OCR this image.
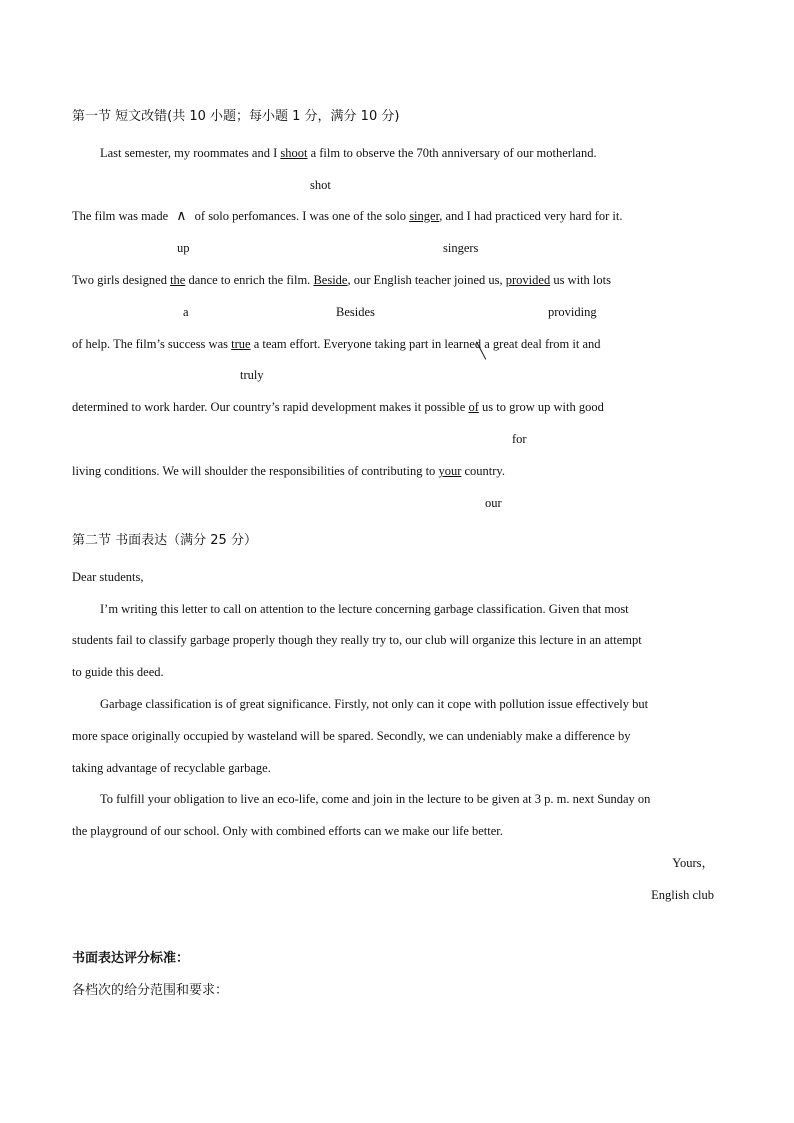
第一节 短文改错(共 10 小题；每小题 1 分，满分 10 分)
Last semester, my roommates and I shoot a film to observe the 70th anniversary of our motherland.
shot
The film was made ∧ of solo perfomances. I was one of the solo singer, and I had practiced very hard for it.
up	singers
Two girls designed the dance to enrich the film. Beside, our English teacher joined us, provided us with lots
a	Besides	providing
of help. The film’s success was true a team effort. Everyone taking part in learned a great deal from it and
truly
determined to work harder. Our country’s rapid development makes it possible of us to grow up with good
for
living conditions. We will shoulder the responsibilities of contributing to your country.
our
第二节 书面表达（满分 25 分）
Dear students,
I’m writing this letter to call on attention to the lecture concerning garbage classification. Given that most
students fail to classify garbage properly though they really try to, our club will organize this lecture in an attempt
to guide this deed.
Garbage classification is of great significance. Firstly, not only can it cope with pollution issue effectively but
more space originally occupied by wasteland will be spared. Secondly, we can undeniably make a difference by
taking advantage of recyclable garbage.
To fulfill your obligation to live an eco-life, come and join in the lecture to be given at 3 p. m. next Sunday on
the playground of our school. Only with combined efforts can we make our life better.
Yours，
English club
书面表达评分标准：
各档次的给分范围和要求：
